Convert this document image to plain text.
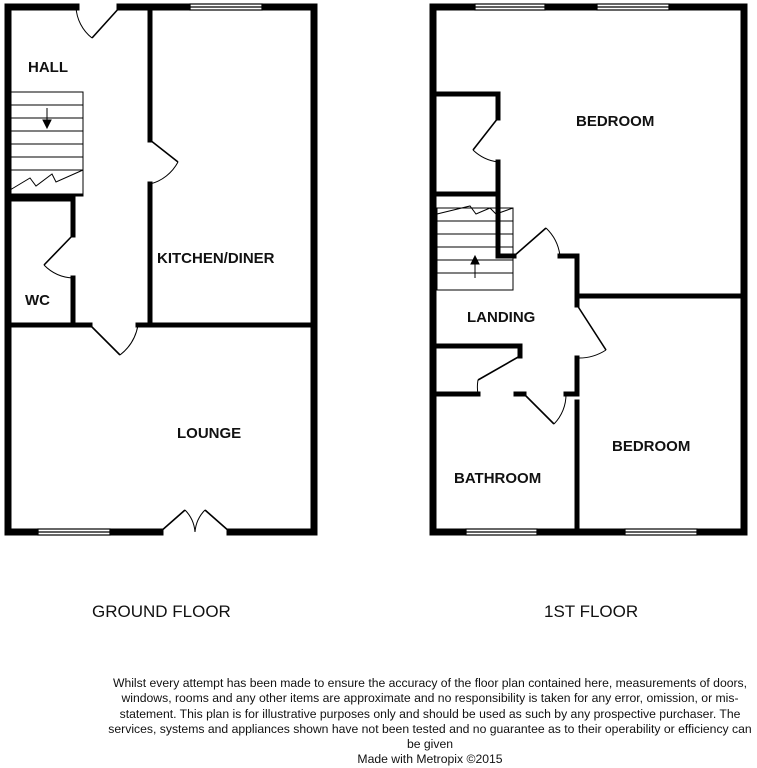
HALL
KITCHEN/DINER
WC
LOUNGE
GROUND FLOOR
BEDROOM
LANDING
BEDROOM
BATHROOM
1ST FLOOR

Whilst every attempt has been made to ensure the accuracy of the floor plan contained here, measurements of doors, windows, rooms and any other items are approximate and no responsibility is taken for any error, omission, or mis-statement. This plan is for illustrative purposes only and should be used as such by any prospective purchaser. The services, systems and appliances shown have not been tested and no guarantee as to their operability or efficiency can be given

Made with Metropix ©2015
